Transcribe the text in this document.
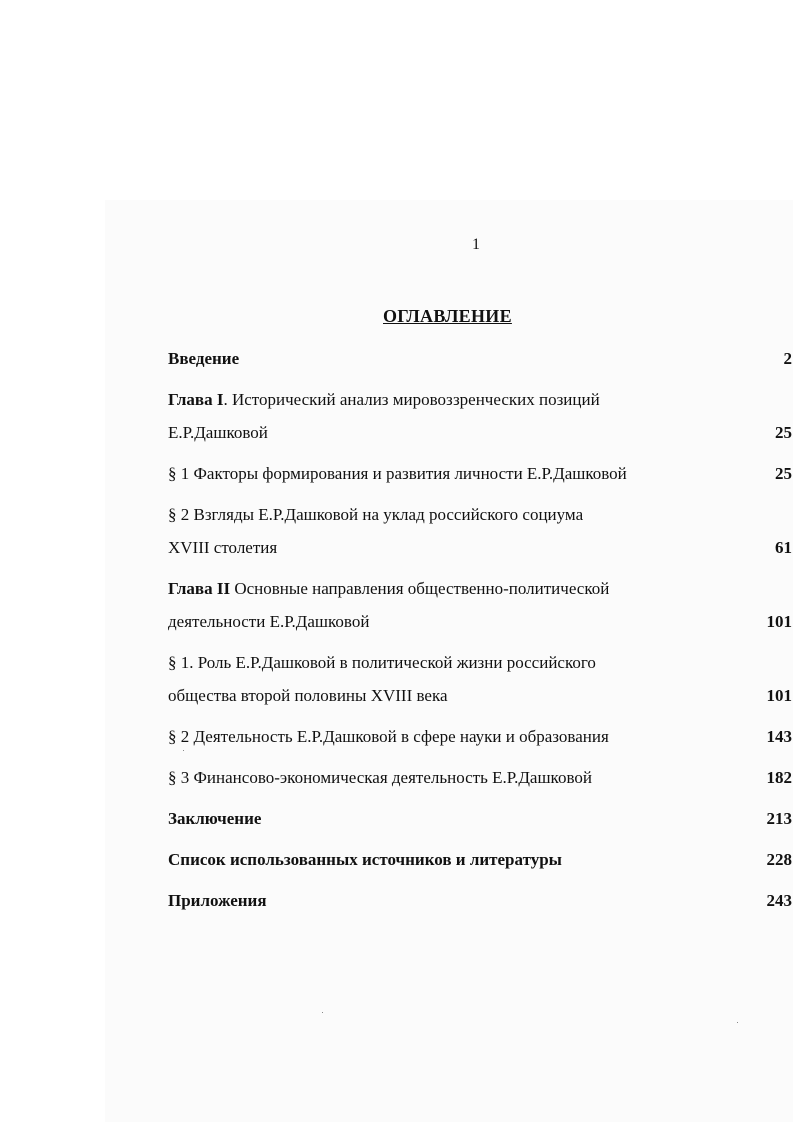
1
ОГЛАВЛЕНИЕ
Введение	2
Глава I. Исторический анализ мировоззренческих позиций
Е.Р.Дашковой	25
§ 1 Факторы формирования и развития личности Е.Р.Дашковой	25
§ 2 Взгляды Е.Р.Дашковой на уклад российского социума
XVIII столетия	61
Глава II Основные направления общественно-политической
деятельности Е.Р.Дашковой	101
§ 1. Роль Е.Р.Дашковой в политической жизни российского
общества второй половины XVIII века	101
§ 2 Деятельность Е.Р.Дашковой в сфере науки и образования	143
§ 3 Финансово-экономическая деятельность Е.Р.Дашковой	182
Заключение	213
Список использованных источников и литературы	228
Приложения	243
